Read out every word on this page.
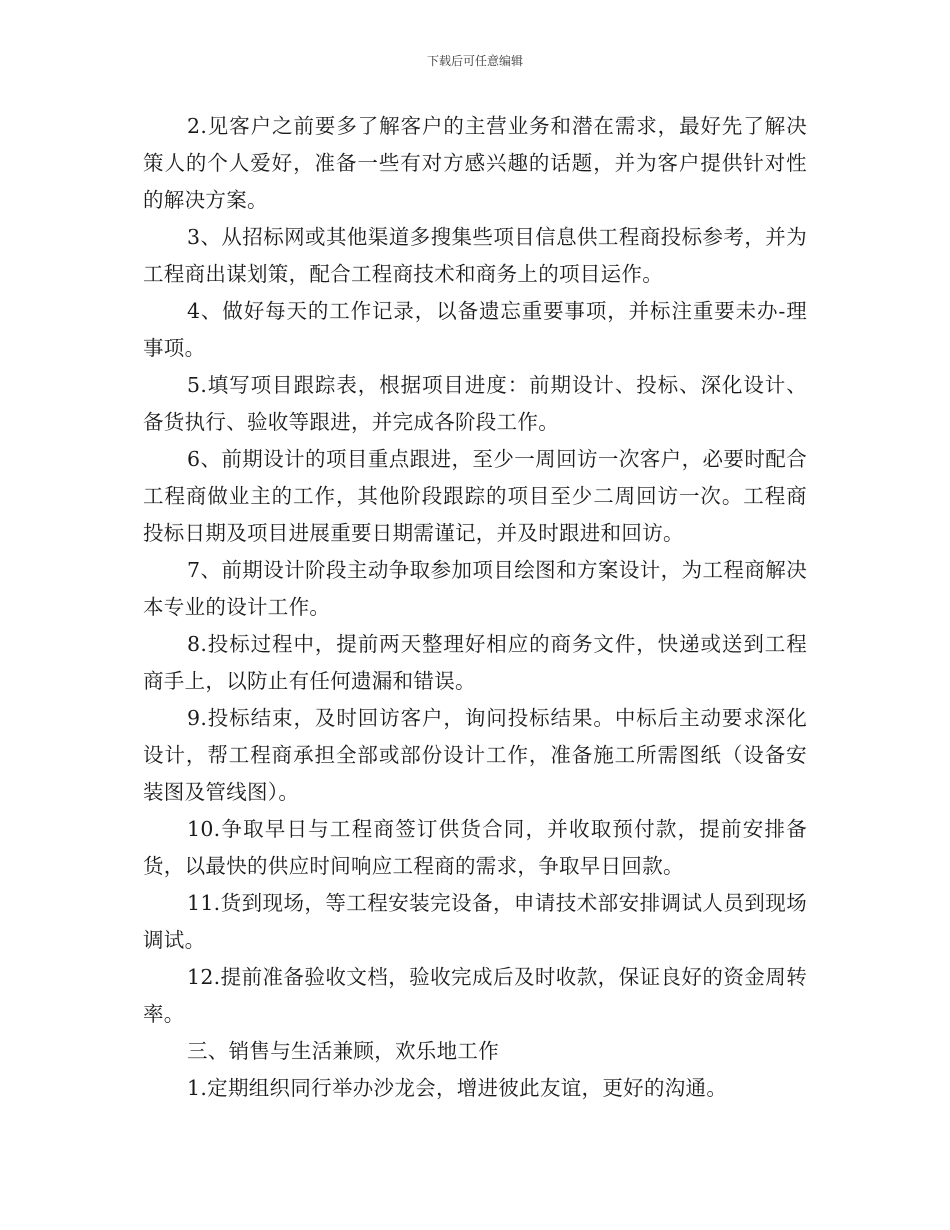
下载后可任意编辑

2.见客户之前要多了解客户的主营业务和潜在需求，最好先了解决策人的个人爱好，准备一些有对方感兴趣的话题，并为客户提供针对性的解决方案。

3、从招标网或其他渠道多搜集些项目信息供工程商投标参考，并为工程商出谋划策，配合工程商技术和商务上的项目运作。

4、做好每天的工作记录，以备遗忘重要事项，并标注重要未办-理事项。

5.填写项目跟踪表，根据项目进度：前期设计、投标、深化设计、备货执行、验收等跟进，并完成各阶段工作。

6、前期设计的项目重点跟进，至少一周回访一次客户，必要时配合工程商做业主的工作，其他阶段跟踪的项目至少二周回访一次。工程商投标日期及项目进展重要日期需谨记，并及时跟进和回访。

7、前期设计阶段主动争取参加项目绘图和方案设计，为工程商解决本专业的设计工作。

8.投标过程中，提前两天整理好相应的商务文件，快递或送到工程商手上，以防止有任何遗漏和错误。

9.投标结束，及时回访客户，询问投标结果。中标后主动要求深化设计，帮工程商承担全部或部份设计工作，准备施工所需图纸（设备安装图及管线图）。

10.争取早日与工程商签订供货合同，并收取预付款，提前安排备货，以最快的供应时间响应工程商的需求，争取早日回款。

11.货到现场，等工程安装完设备，申请技术部安排调试人员到现场调试。

12.提前准备验收文档，验收完成后及时收款，保证良好的资金周转率。

三、销售与生活兼顾，欢乐地工作

1.定期组织同行举办沙龙会，增进彼此友谊，更好的沟通。
